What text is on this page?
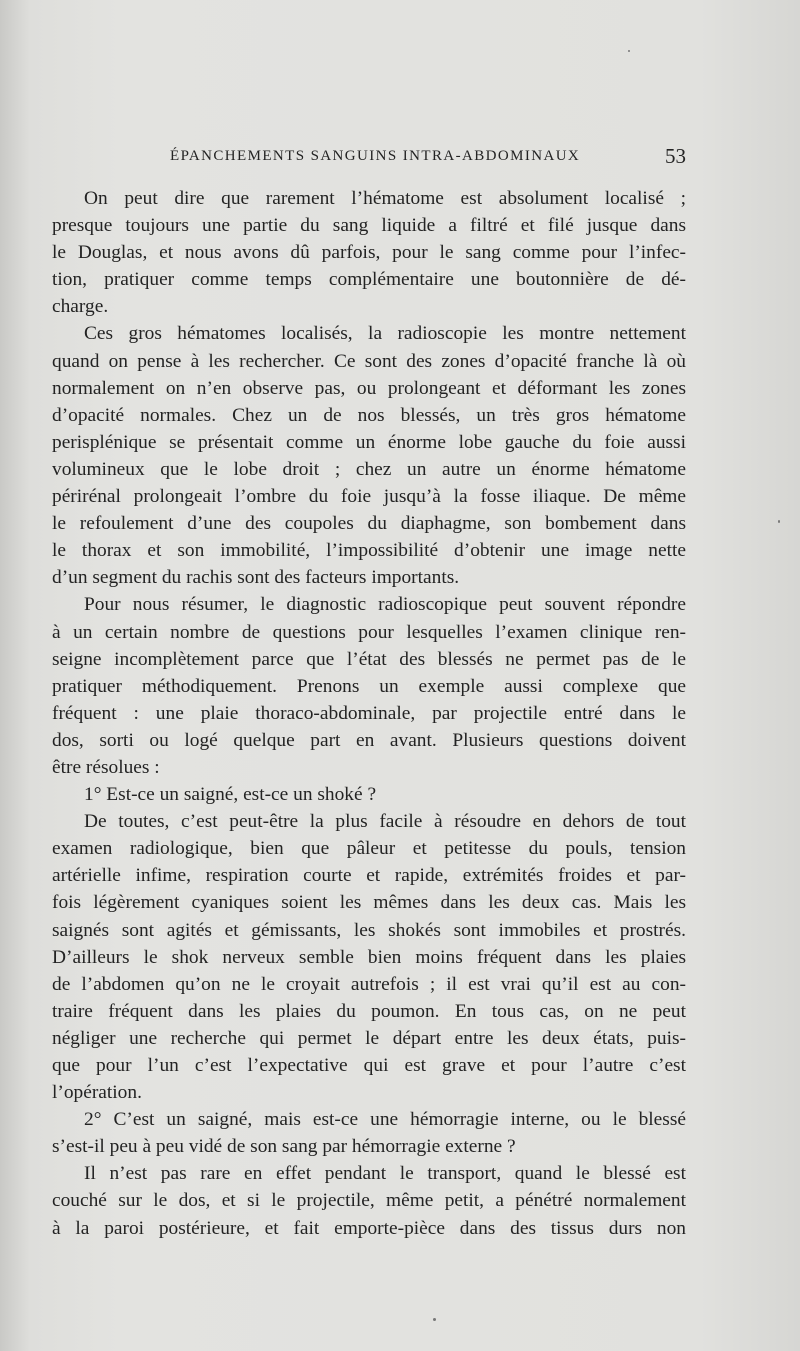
ÉPANCHEMENTS SANGUINS INTRA-ABDOMINAUX	53
On peut dire que rarement l’hématome est absolument localisé ;
presque toujours une partie du sang liquide a filtré et filé jusque dans
le Douglas, et nous avons dû parfois, pour le sang comme pour l’infec-
tion, pratiquer comme temps complémentaire une boutonnière de dé-
charge.
Ces gros hématomes localisés, la radioscopie les montre nettement
quand on pense à les rechercher. Ce sont des zones d’opacité franche là où
normalement on n’en observe pas, ou prolongeant et déformant les zones
d’opacité normales. Chez un de nos blessés, un très gros hématome
perisplénique se présentait comme un énorme lobe gauche du foie aussi
volumineux que le lobe droit ; chez un autre un énorme hématome
périrénal prolongeait l’ombre du foie jusqu’à la fosse iliaque. De même
le refoulement d’une des coupoles du diaphagme, son bombement dans
le thorax et son immobilité, l’impossibilité d’obtenir une image nette
d’un segment du rachis sont des facteurs importants.
Pour nous résumer, le diagnostic radioscopique peut souvent répondre
à un certain nombre de questions pour lesquelles l’examen clinique ren-
seigne incomplètement parce que l’état des blessés ne permet pas de le
pratiquer méthodiquement. Prenons un exemple aussi complexe que
fréquent : une plaie thoraco-abdominale, par projectile entré dans le
dos, sorti ou logé quelque part en avant. Plusieurs questions doivent
être résolues :
1° Est-ce un saigné, est-ce un shoké ?
De toutes, c’est peut-être la plus facile à résoudre en dehors de tout
examen radiologique, bien que pâleur et petitesse du pouls, tension
artérielle infime, respiration courte et rapide, extrémités froides et par-
fois légèrement cyaniques soient les mêmes dans les deux cas. Mais les
saignés sont agités et gémissants, les shokés sont immobiles et prostrés.
D’ailleurs le shok nerveux semble bien moins fréquent dans les plaies
de l’abdomen qu’on ne le croyait autrefois ; il est vrai qu’il est au con-
traire fréquent dans les plaies du poumon. En tous cas, on ne peut
négliger une recherche qui permet le départ entre les deux états, puis-
que pour l’un c’est l’expectative qui est grave et pour l’autre c’est
l’opération.
2° C’est un saigné, mais est-ce une hémorragie interne, ou le blessé
s’est-il peu à peu vidé de son sang par hémorragie externe ?
Il n’est pas rare en effet pendant le transport, quand le blessé est
couché sur le dos, et si le projectile, même petit, a pénétré normalement
à la paroi postérieure, et fait emporte-pièce dans des tissus durs non
